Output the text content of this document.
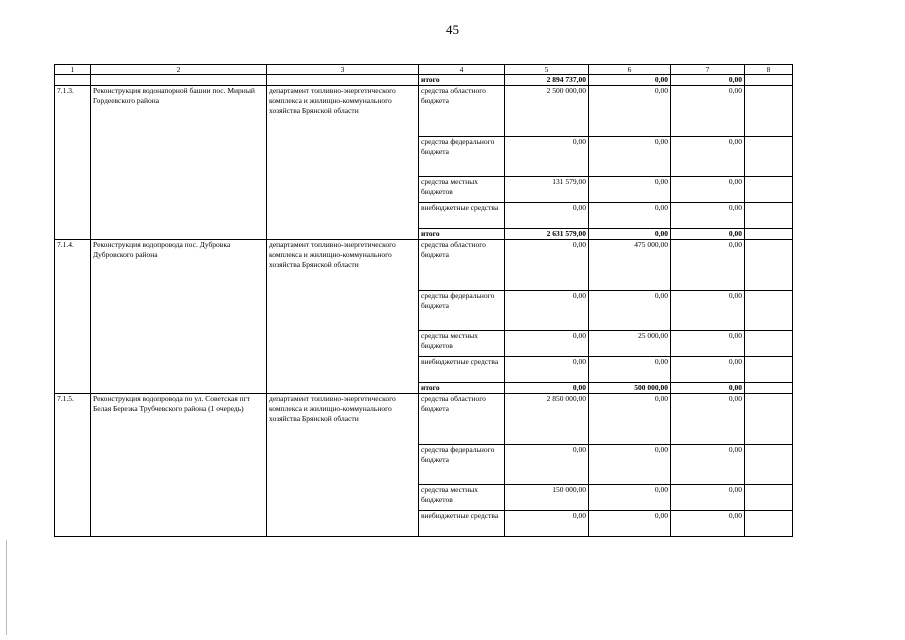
45
1	2	3	4	5	6	7	8
			итого	2 894 737,00	0,00	0,00	
7.1.3.	Реконструкция водонапорной башни пос. Мирный Гордеевского района	департамент топливно-энергетического комплекса и жилищно-коммунального хозяйства Брянской области	средства областного бюджета	2 500 000,00	0,00	0,00	
			средства федерального бюджета	0,00	0,00	0,00	
			средства местных бюджетов	131 579,00	0,00	0,00	
			внебюджетные средства	0,00	0,00	0,00	
			итого	2 631 579,00	0,00	0,00	
7.1.4.	Реконструкция водопровода пос. Дубровка Дубровского района	департамент топливно-энергетического комплекса и жилищно-коммунального хозяйства Брянской области	средства областного бюджета	0,00	475 000,00	0,00	
			средства федерального бюджета	0,00	0,00	0,00	
			средства местных бюджетов	0,00	25 000,00	0,00	
			внебюджетные средства	0,00	0,00	0,00	
			итого	0,00	500 000,00	0,00	
7.1.5.	Реконструкция водопровода по ул. Советская пгт Белая Березка Трубчевского района (1 очередь)	департамент топливно-энергетического комплекса и жилищно-коммунального хозяйства Брянской области	средства областного бюджета	2 850 000,00	0,00	0,00	
			средства федерального бюджета	0,00	0,00	0,00	
			средства местных бюджетов	150 000,00	0,00	0,00	
			внебюджетные средства	0,00	0,00	0,00	
